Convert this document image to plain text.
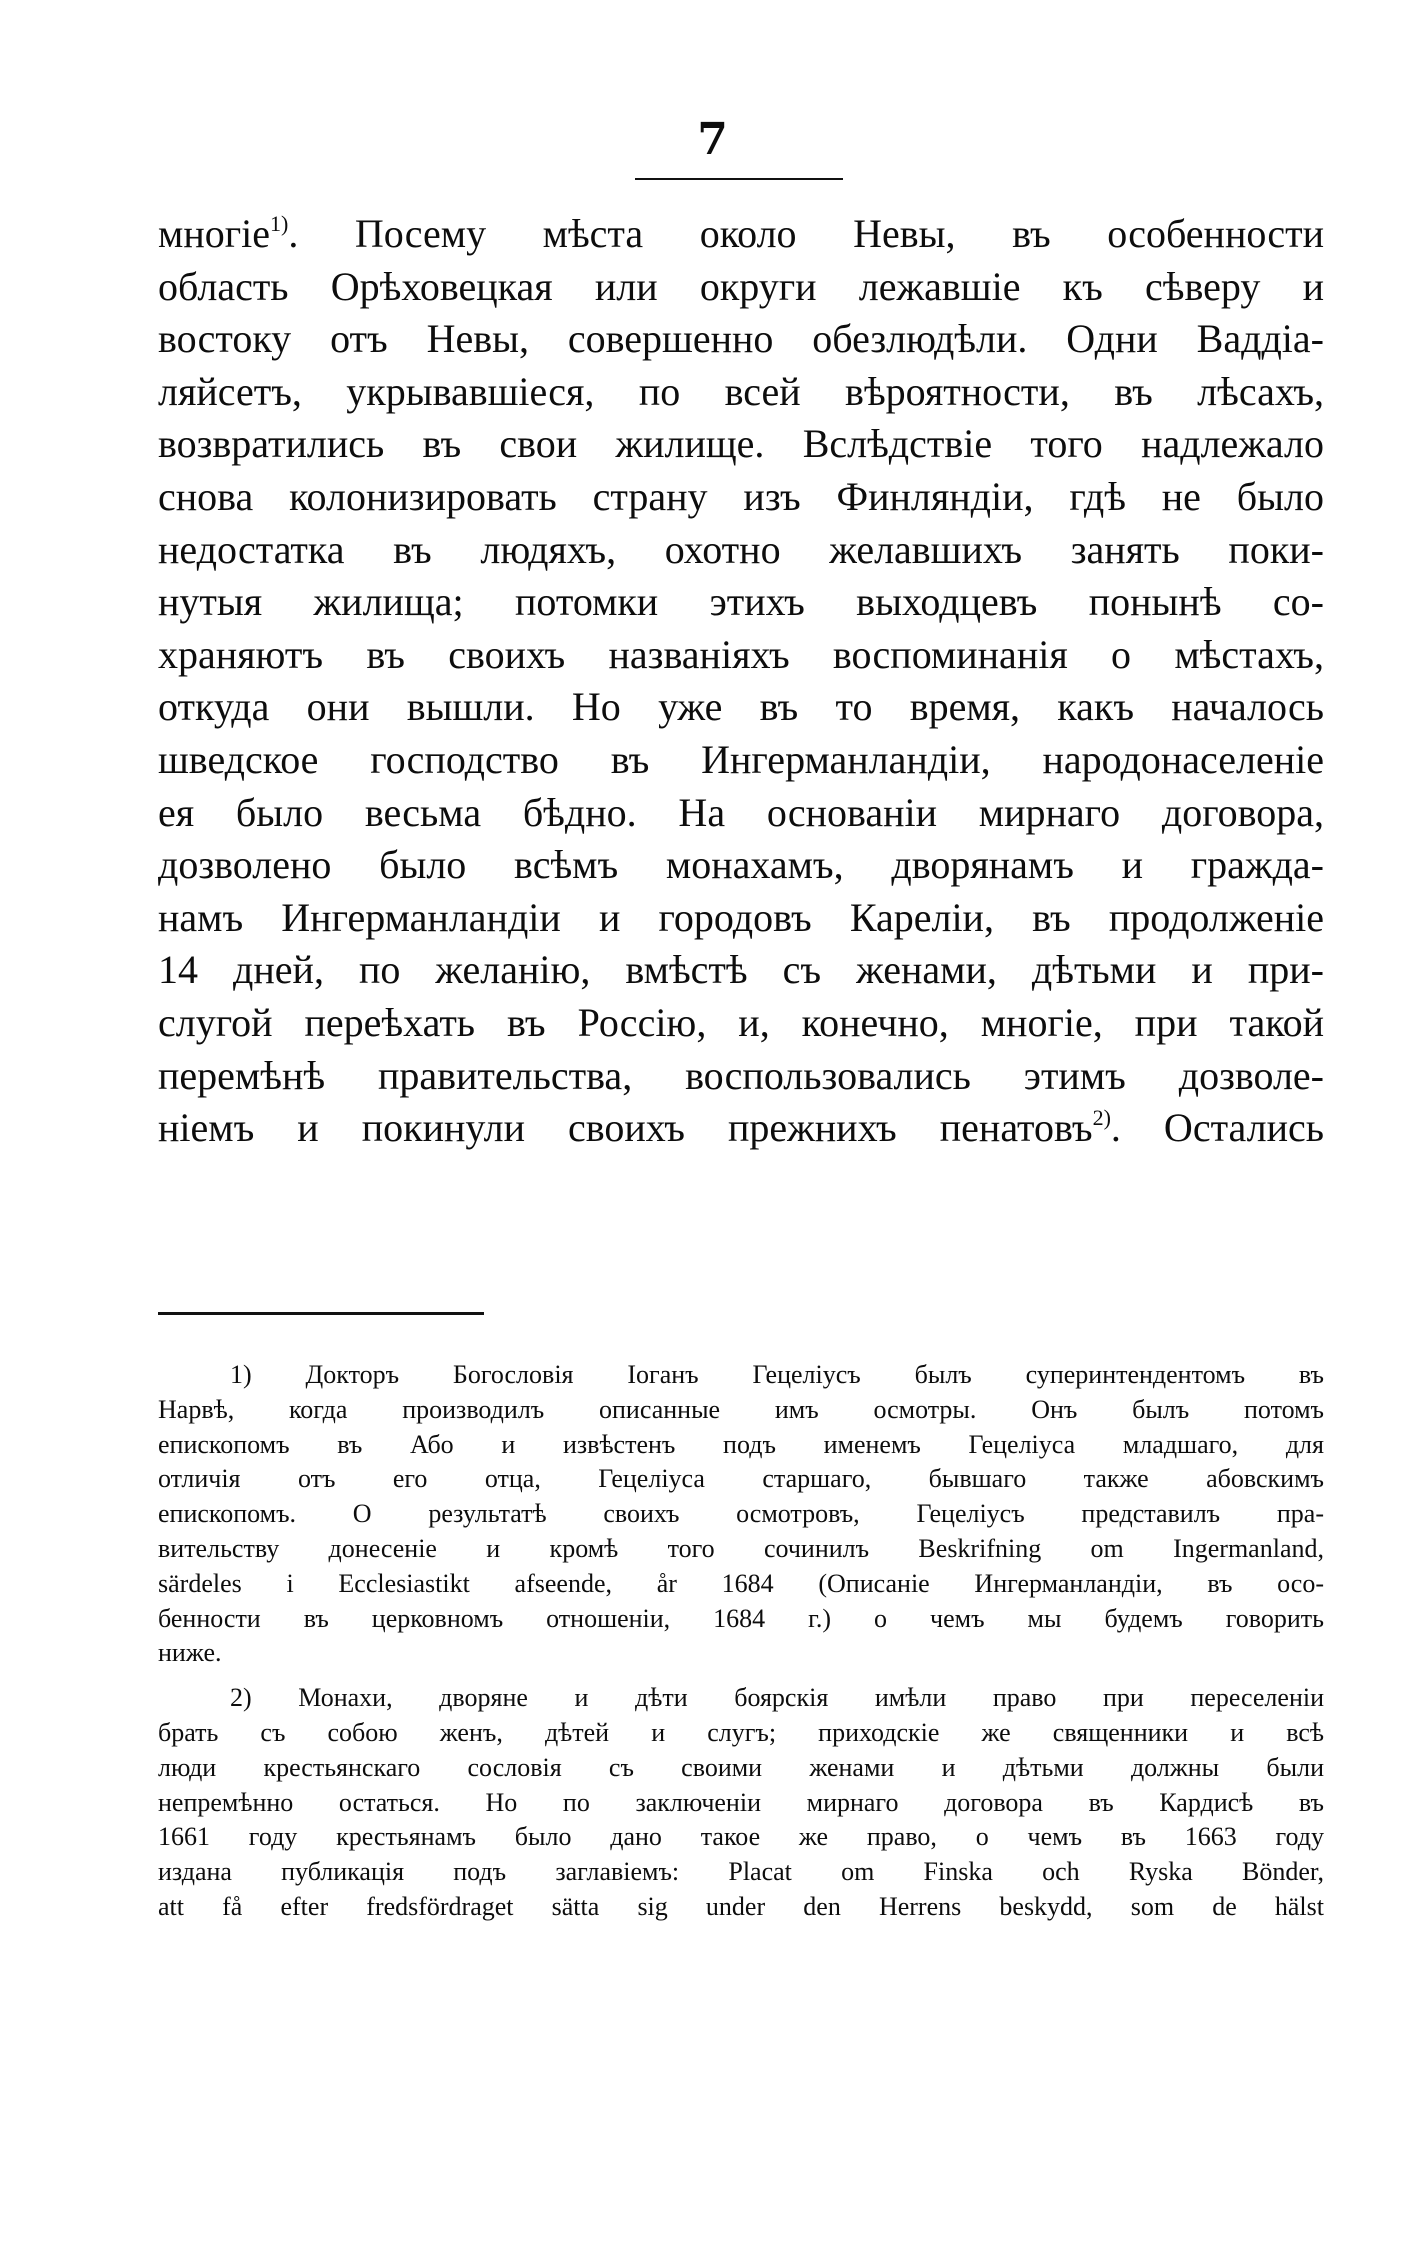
7
многіе$^{1)}$. Посему мѣста около Невы, въ особенности
область Орѣховецкая или округи лежавшіе къ сѣверу и
востоку отъ Невы, совершенно обезлюдѣли. Одни Ваддіа-
ляйсетъ, укрывавшіеся, по всей вѣроятности, въ лѣсахъ,
возвратились въ свои жилище. Вслѣдствіе того надлежало
снова колонизировать страну изъ Финляндіи, гдѣ не было
недостатка въ людяхъ, охотно желавшихъ занять поки-
нутыя жилища; потомки этихъ выходцевъ понынѣ со-
храняютъ въ своихъ названіяхъ воспоминанія о мѣстахъ,
откуда они вышли. Но уже въ то время, какъ началось
шведское господство въ Ингерманландіи, народонаселеніе
ея было весьма бѣдно. На основаніи мирнаго договора,
дозволено было всѣмъ монахамъ, дворянамъ и гражда-
намъ Ингерманландіи и городовъ Кареліи, въ продолженіе
14 дней, по желанію, вмѣстѣ съ женами, дѣтьми и при-
слугой переѣхать въ Россію, и, конечно, многіе, при такой
перемѣнѣ правительства, воспользовались этимъ дозволе-
ніемъ и покинули своихъ прежнихъ пенатовъ$^{2)}$. Остались
1) Докторъ Богословія Іоганъ Гецеліусъ былъ суперинтендентомъ въ
Нарвѣ, когда производилъ описанные имъ осмотры. Онъ былъ потомъ
епископомъ въ Або и извѣстенъ подъ именемъ Гецеліуса младшаго, для
отличія отъ его отца, Гецеліуса старшаго, бывшаго также абовскимъ
епископомъ. О результатѣ своихъ осмотровъ, Гецеліусъ представилъ пра-
вительству донесеніе и кромѣ того сочинилъ Beskrifning om Ingermanland,
särdeles i Ecclesiastikt afseende, år 1684 (Описаніе Ингерманландіи, въ осо-
бенности въ церковномъ отношеніи, 1684 г.) о чемъ мы будемъ говорить
ниже.
2) Монахи, дворяне и дѣти боярскія имѣли право при переселеніи
брать съ собою женъ, дѣтей и слугъ; приходскіе же священники и всѣ
люди крестьянскаго сословія съ своими женами и дѣтьми должны были
непремѣнно остаться. Но по заключеніи мирнаго договора въ Кардисѣ въ
1661 году крестьянамъ было дано такое же право, о чемъ въ 1663 году
издана публикація подъ заглавіемъ: Placat om Finska och Ryska Bönder,
att få efter fredsfördraget sätta sig under den Herrens beskydd, som de hälst
